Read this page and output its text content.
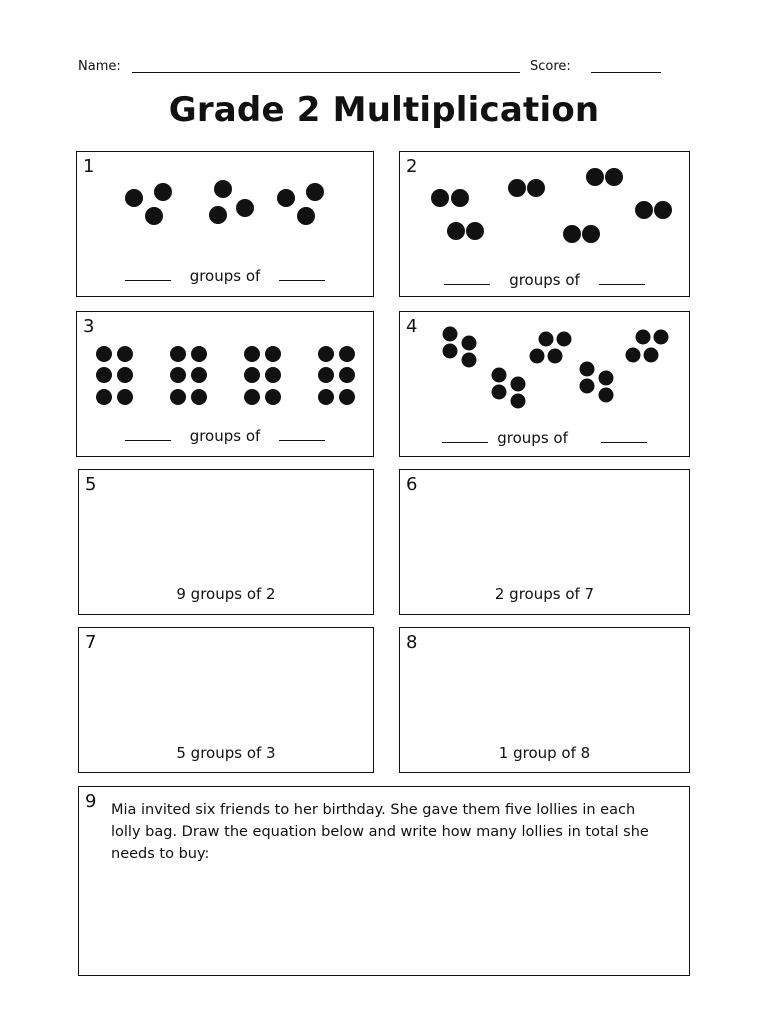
Name:	Score:
Grade 2 Multiplication
1
groups of
2
groups of
3
groups of
4
groups of
5
9 groups of 2
6
2 groups of 7
7
5 groups of 3
8
1 group of 8
9 Mia invited six friends to her birthday. She gave them five lollies in each lolly bag. Draw the equation below and write how many lollies in total she needs to buy:
